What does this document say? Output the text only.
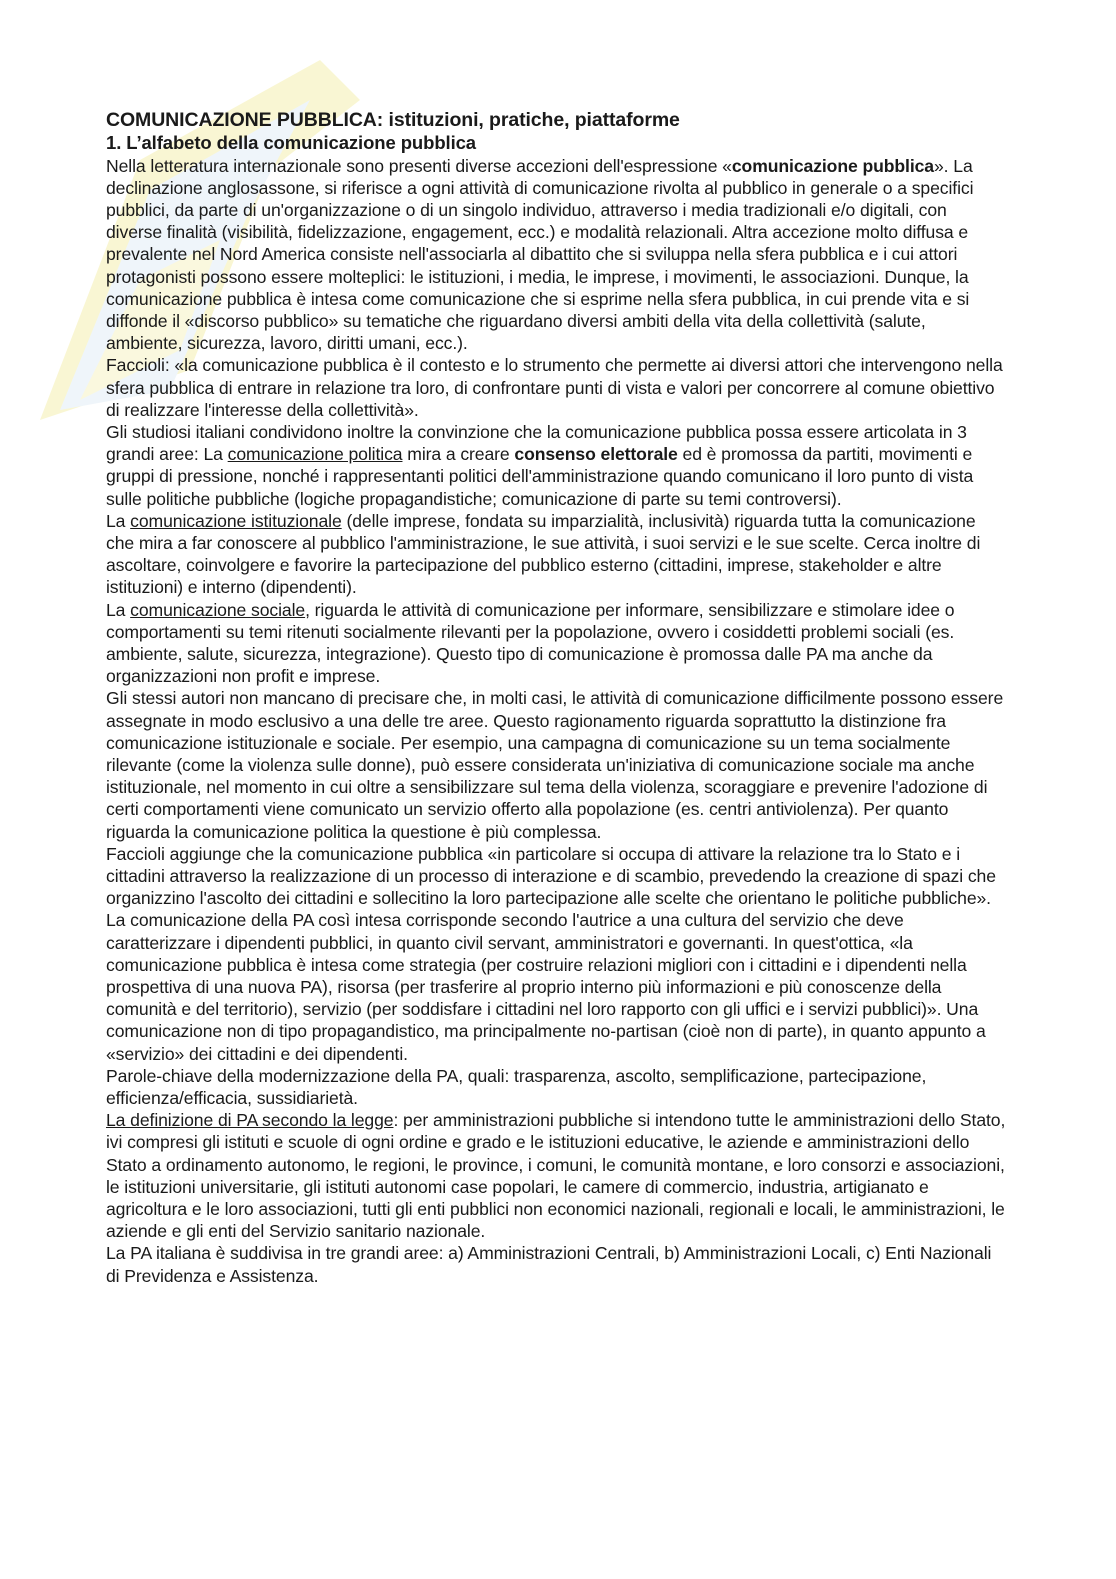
COMUNICAZIONE PUBBLICA: istituzioni, pratiche, piattaforme

1. L’alfabeto della comunicazione pubblica

Nella letteratura internazionale sono presenti diverse accezioni dell'espressione «comunicazione pubblica». La declinazione anglosassone, si riferisce a ogni attività di comunicazione rivolta al pubblico in generale o a specifici pubblici, da parte di un'organizzazione o di un singolo individuo, attraverso i media tradizionali e/o digitali, con diverse finalità (visibilità, fidelizzazione, engagement, ecc.) e modalità relazionali. Altra accezione molto diffusa e prevalente nel Nord America consiste nell'associarla al dibattito che si sviluppa nella sfera pubblica e i cui attori protagonisti possono essere molteplici: le istituzioni, i media, le imprese, i movimenti, le associazioni. Dunque, la comunicazione pubblica è intesa come comunicazione che si esprime nella sfera pubblica, in cui prende vita e si diffonde il «discorso pubblico» su tematiche che riguardano diversi ambiti della vita della collettività (salute, ambiente, sicurezza, lavoro, diritti umani, ecc.).

Faccioli: «la comunicazione pubblica è il contesto e lo strumento che permette ai diversi attori che intervengono nella sfera pubblica di entrare in relazione tra loro, di confrontare punti di vista e valori per concorrere al comune obiettivo di realizzare l'interesse della collettività».

Gli studiosi italiani condividono inoltre la convinzione che la comunicazione pubblica possa essere articolata in 3 grandi aree: La comunicazione politica mira a creare consenso elettorale ed è promossa da partiti, movimenti e gruppi di pressione, nonché i rappresentanti politici dell'amministrazione quando comunicano il loro punto di vista sulle politiche pubbliche (logiche propagandistiche; comunicazione di parte su temi controversi).

La comunicazione istituzionale (delle imprese, fondata su imparzialità, inclusività) riguarda tutta la comunicazione che mira a far conoscere al pubblico l'amministrazione, le sue attività, i suoi servizi e le sue scelte. Cerca inoltre di ascoltare, coinvolgere e favorire la partecipazione del pubblico esterno (cittadini, imprese, stakeholder e altre istituzioni) e interno (dipendenti).

La comunicazione sociale, riguarda le attività di comunicazione per informare, sensibilizzare e stimolare idee o comportamenti su temi ritenuti socialmente rilevanti per la popolazione, ovvero i cosiddetti problemi sociali (es. ambiente, salute, sicurezza, integrazione). Questo tipo di comunicazione è promossa dalle PA ma anche da organizzazioni non profit e imprese.

Gli stessi autori non mancano di precisare che, in molti casi, le attività di comunicazione difficilmente possono essere assegnate in modo esclusivo a una delle tre aree. Questo ragionamento riguarda soprattutto la distinzione fra comunicazione istituzionale e sociale. Per esempio, una campagna di comunicazione su un tema socialmente rilevante (come la violenza sulle donne), può essere considerata un'iniziativa di comunicazione sociale ma anche istituzionale, nel momento in cui oltre a sensibilizzare sul tema della violenza, scoraggiare e prevenire l'adozione di certi comportamenti viene comunicato un servizio offerto alla popolazione (es. centri antiviolenza). Per quanto riguarda la comunicazione politica la questione è più complessa.

Faccioli aggiunge che la comunicazione pubblica «in particolare si occupa di attivare la relazione tra lo Stato e i cittadini attraverso la realizzazione di un processo di interazione e di scambio, prevedendo la creazione di spazi che organizzino l'ascolto dei cittadini e sollecitino la loro partecipazione alle scelte che orientano le politiche pubbliche». La comunicazione della PA così intesa corrisponde secondo l'autrice a una cultura del servizio che deve caratterizzare i dipendenti pubblici, in quanto civil servant, amministratori e governanti. In quest'ottica, «la comunicazione pubblica è intesa come strategia (per costruire relazioni migliori con i cittadini e i dipendenti nella prospettiva di una nuova PA), risorsa (per trasferire al proprio interno più informazioni e più conoscenze della comunità e del territorio), servizio (per soddisfare i cittadini nel loro rapporto con gli uffici e i servizi pubblici)». Una comunicazione non di tipo propagandistico, ma principalmente no-partisan (cioè non di parte), in quanto appunto a «servizio» dei cittadini e dei dipendenti.

Parole-chiave della modernizzazione della PA, quali: trasparenza, ascolto, semplificazione, partecipazione, efficienza/efficacia, sussidiarietà.

La definizione di PA secondo la legge: per amministrazioni pubbliche si intendono tutte le amministrazioni dello Stato, ivi compresi gli istituti e scuole di ogni ordine e grado e le istituzioni educative, le aziende e amministrazioni dello Stato a ordinamento autonomo, le regioni, le province, i comuni, le comunità montane, e loro consorzi e associazioni, le istituzioni universitarie, gli istituti autonomi case popolari, le camere di commercio, industria, artigianato e agricoltura e le loro associazioni, tutti gli enti pubblici non economici nazionali, regionali e locali, le amministrazioni, le aziende e gli enti del Servizio sanitario nazionale.

La PA italiana è suddivisa in tre grandi aree: a) Amministrazioni Centrali, b) Amministrazioni Locali, c) Enti Nazionali di Previdenza e Assistenza.
